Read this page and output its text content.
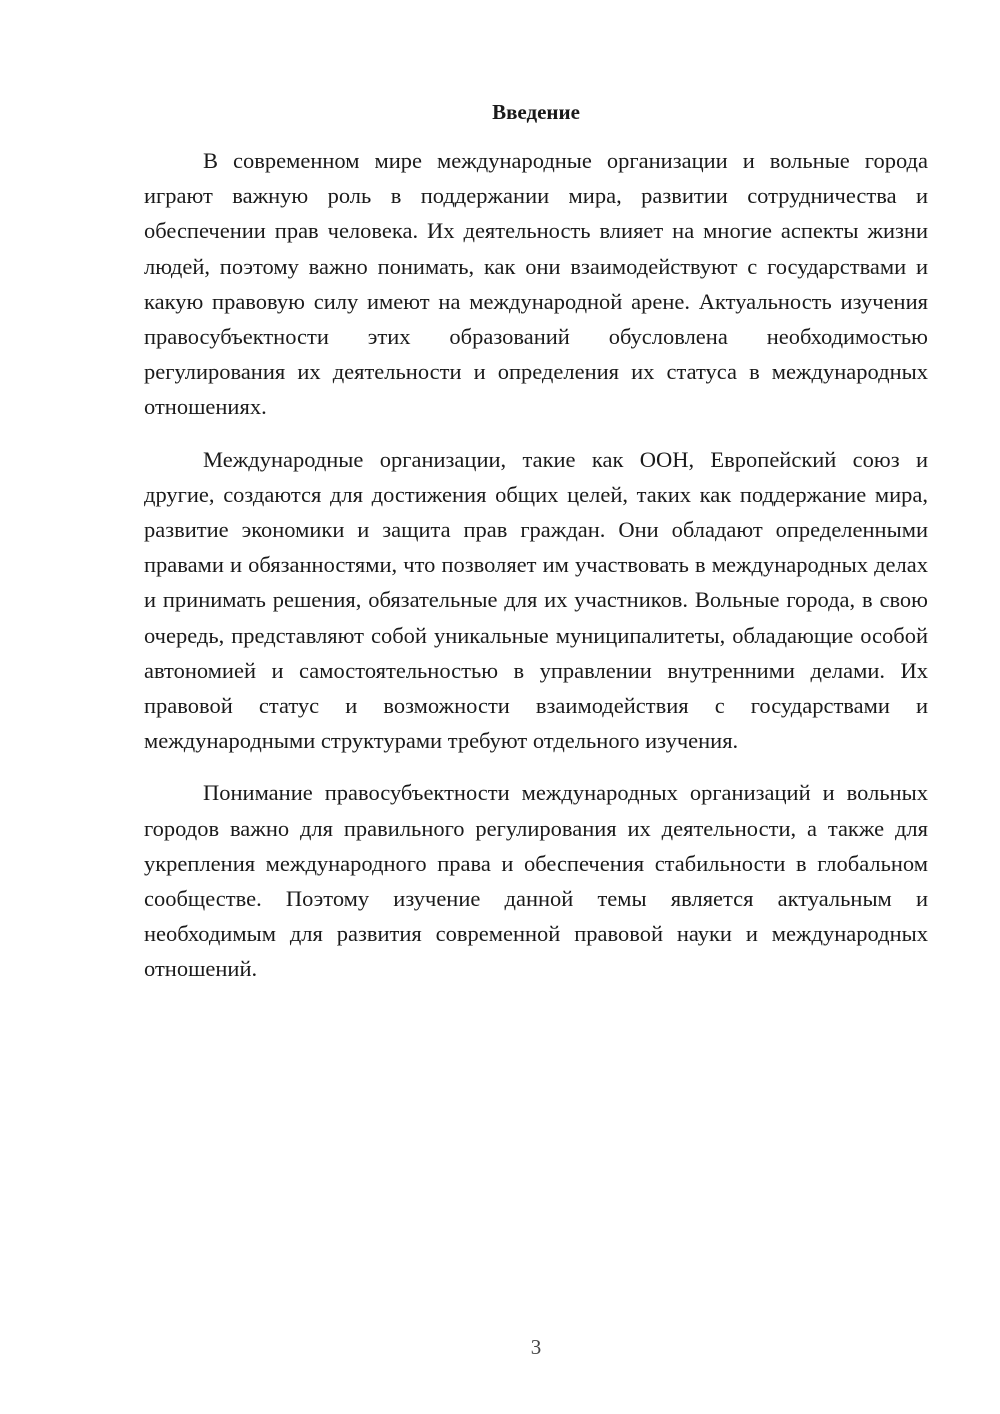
Введение

В современном мире международные организации и вольные города играют важную роль в поддержании мира, развитии сотрудничества и обеспечении прав человека. Их деятельность влияет на многие аспекты жизни людей, поэтому важно понимать, как они взаимодействуют с государствами и какую правовую силу имеют на международной арене. Актуальность изучения правосубъектности этих образований обусловлена необходимостью регулирования их деятельности и определения их статуса в международных отношениях.

Международные организации, такие как ООН, Европейский союз и другие, создаются для достижения общих целей, таких как поддержание мира, развитие экономики и защита прав граждан. Они обладают определенными правами и обязанностями, что позволяет им участвовать в международных делах и принимать решения, обязательные для их участников. Вольные города, в свою очередь, представляют собой уникальные муниципалитеты, обладающие особой автономией и самостоятельностью в управлении внутренними делами. Их правовой статус и возможности взаимодействия с государствами и международными структурами требуют отдельного изучения.

Понимание правосубъектности международных организаций и вольных городов важно для правильного регулирования их деятельности, а также для укрепления международного права и обеспечения стабильности в глобальном сообществе. Поэтому изучение данной темы является актуальным и необходимым для развития современной правовой науки и международных отношений.

3
